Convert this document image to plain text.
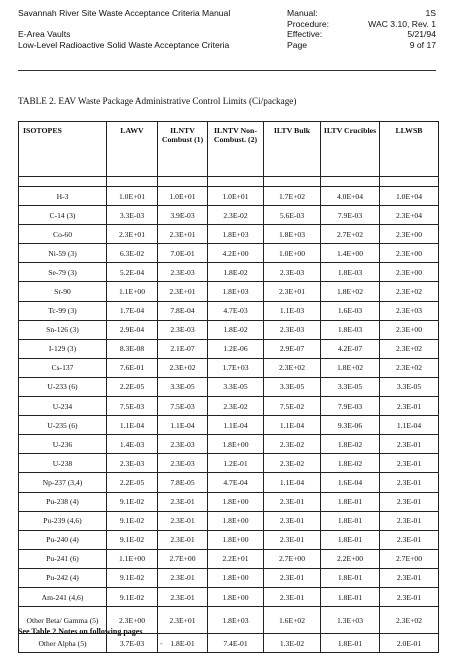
Savannah River Site Waste Acceptance Criteria Manual
E-Area Vaults
Low-Level Radioactive Solid Waste Acceptance Criteria
Manual:
Procedure:
Effective:
Page
1S
WAC 3.10, Rev. 1
5/21/94
9 of 17
TABLE 2. EAV Waste Package Administrative Control Limits (Ci/package)
ISOTOPES	LAWV	ILNTV Combust (1)	ILNTV Non-Combust. (2)	ILTV Bulk	ILTV Crucibles	LLWSB

H-3	1.0E+01	1.0E+01	1.0E+01	1.7E+02	4.0E+04	1.0E+04
C-14 (3)	3.3E-03	3.9E-03	2.3E-02	5.6E-03	7.9E-03	2.3E+04
Co-60	2.3E+01	2.3E+01	1.8E+03	1.8E+03	2.7E+02	2.3E+00
Ni-59 (3)	6.3E-02	7.0E-01	4.2E+00	1.0E+00	1.4E+00	2.3E+00
Se-79 (3)	5.2E-04	2.3E-03	1.8E-02	2.3E-03	1.8E-03	2.3E+00
Sr-90	1.1E+00	2.3E+01	1.8E+03	2.3E+01	1.8E+02	2.3E+02
Tc-99 (3)	1.7E-04	7.8E-04	4.7E-03	1.1E-03	1.6E-03	2.3E+03
Sn-126 (3)	2.9E-04	2.3E-03	1.8E-02	2.3E-03	1.8E-03	2.3E+00
I-129 (3)	8.3E-08	2.1E-07	1.2E-06	2.9E-07	4.2E-07	2.3E+02
Cs-137	7.6E-01	2.3E+02	1.7E+03	2.3E+02	1.8E+02	2.3E+02
U-233 (6)	2.2E-05	3.3E-05	3.3E-05	3.3E-05	3.3E-05	3.3E-05
U-234	7.5E-03	7.5E-03	2.3E-02	7.5E-02	7.9E-03	2.3E-01
U-235 (6)	1.1E-04	1.1E-04	1.1E-04	1.1E-04	9.3E-06	1.1E-04
U-236	1.4E-03	2.3E-03	1.8E+00	2.3E-02	1.8E-02	2.3E-01
U-238	2.3E-03	2.3E-03	1.2E-01	2.3E-02	1.8E-02	2.3E-01
Np-237 (3,4)	2.2E-05	7.8E-05	4.7E-04	1.1E-04	1.6E-04	2.3E-01
Pu-238 (4)	9.1E-02	2.3E-01	1.8E+00	2.3E-01	1.8E-01	2.3E-01
Pu-239 (4,6)	9.1E-02	2.3E-01	1.8E+00	2.3E-01	1.8E-01	2.3E-01
Pu-240 (4)	9.1E-02	2.3E-01	1.8E+00	2.3E-01	1.8E-01	2.3E-01
Pu-241 (6)	1.1E+00	2.7E+00	2.2E+01	2.7E+00	2.2E+00	2.7E+00
Pu-242 (4)	9.1E-02	2.3E-01	1.8E+00	2.3E-01	1.8E-01	2.3E-01
Am-241 (4,6)	9.1E-02	2.3E-01	1.8E+00	2.3E-01	1.8E-01	2.3E-01
Other Beta/ Gamma (5)	2.3E+00	2.3E+01	1.8E+03	1.6E+02	1.3E+03	2.3E+02
Other Alpha (5)	3.7E-03	1.8E-01	7.4E-01	1.3E-02	1.8E-01	2.0E-01
See Table 2 Notes on following pages
-
